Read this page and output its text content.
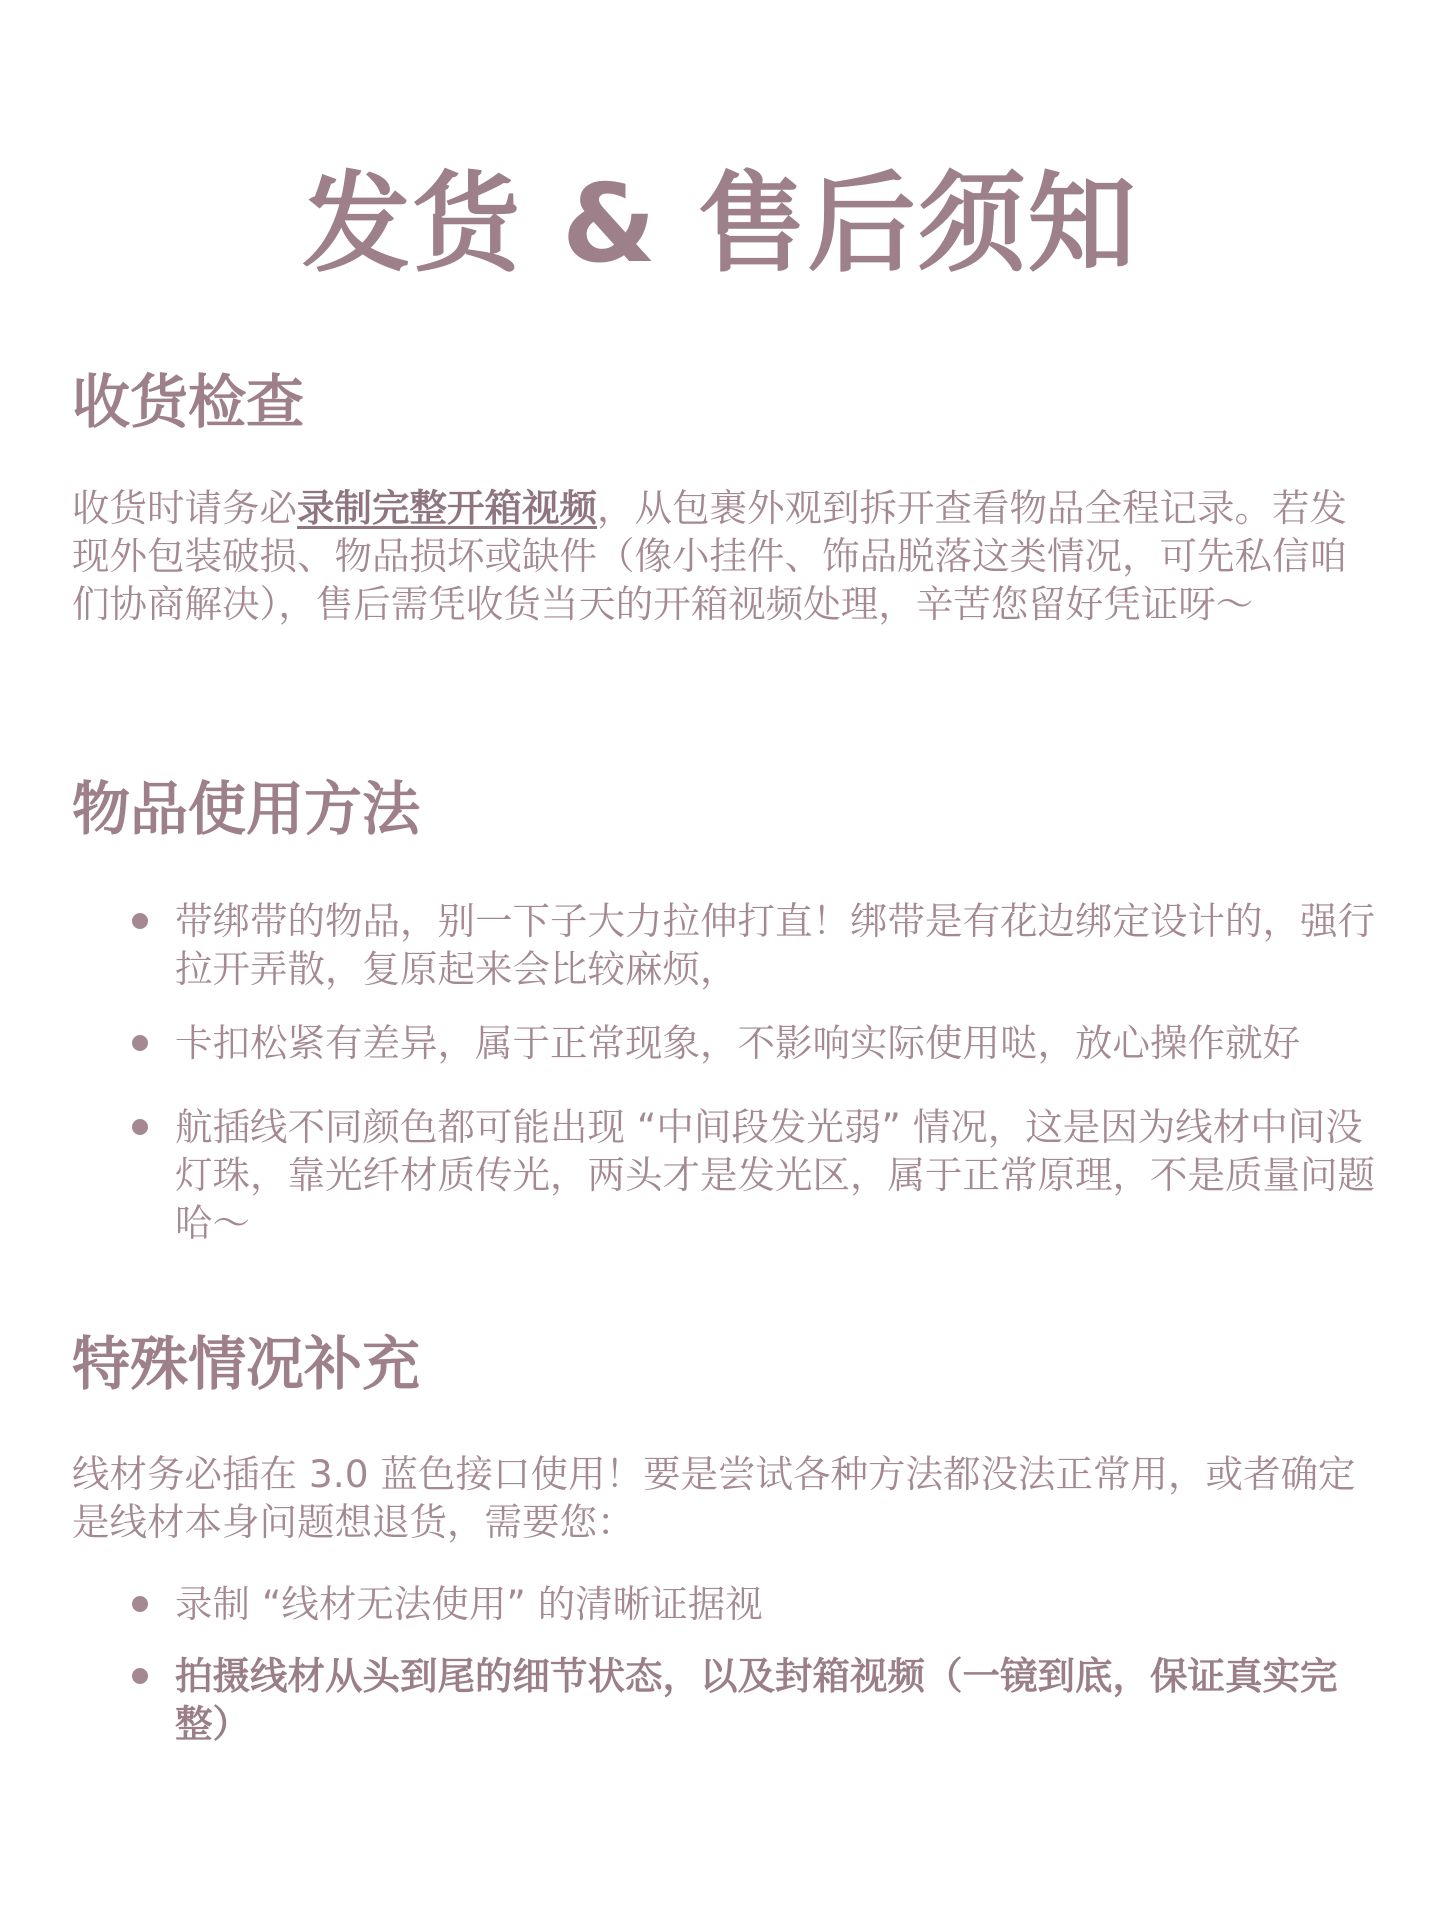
发货 & 售后须知
收货检查

收货时请务必录制完整开箱视频，从包裹外观到拆开查看物品全程记录。若发现外包装破损、物品损坏或缺件（像小挂件、饰品脱落这类情况，可先私信咱们协商解决），售后需凭收货当天的开箱视频处理，辛苦您留好凭证呀～

物品使用方法
带绑带的物品，别一下子大力拉伸打直！绑带是有花边绑定设计的，强行拉开弄散，复原起来会比较麻烦，
卡扣松紧有差异，属于正常现象，不影响实际使用哒，放心操作就好
航插线不同颜色都可能出现 “中间段发光弱” 情况，这是因为线材中间没灯珠，靠光纤材质传光，两头才是发光区，属于正常原理，不是质量问题哈～
特殊情况补充

线材务必插在 3.0 蓝色接口使用！要是尝试各种方法都没法正常用，或者确定是线材本身问题想退货，需要您：

录制 “线材无法使用” 的清晰证据视
拍摄线材从头到尾的细节状态，以及封箱视频（一镜到底，保证真实完整）
